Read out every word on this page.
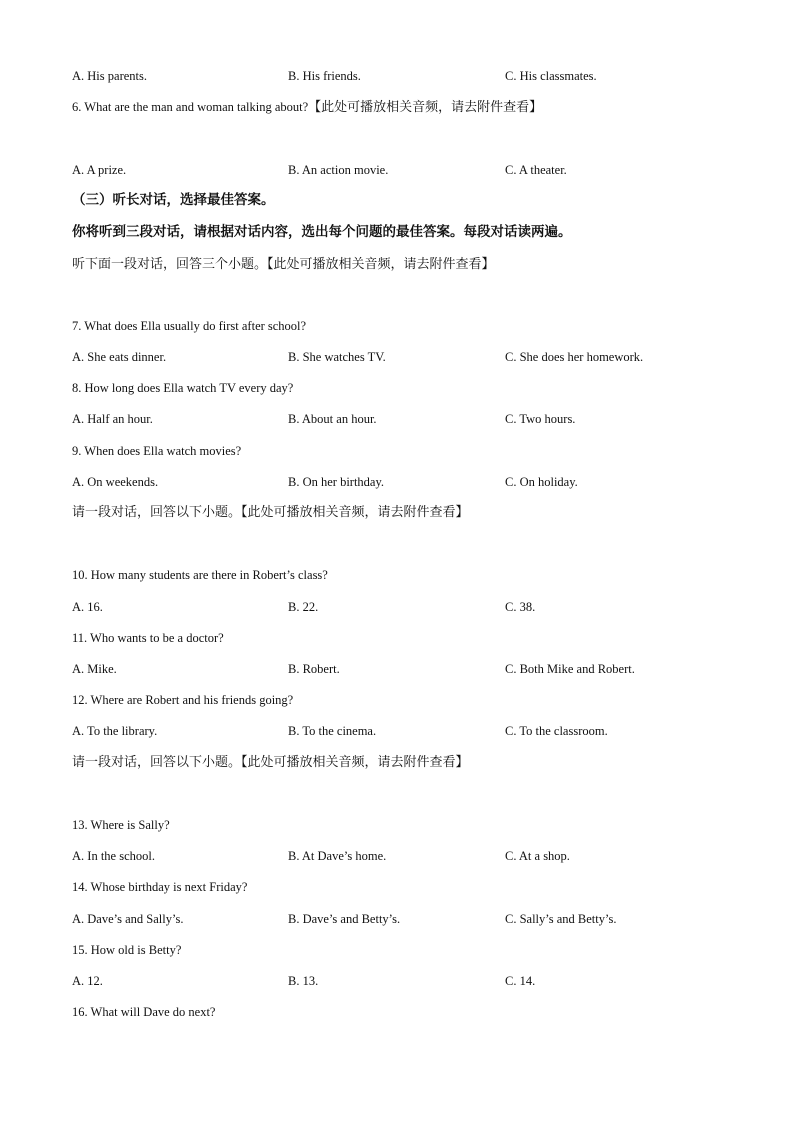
A. His parents.	B. His friends.	C. His classmates.
6. What are the man and woman talking about?【此处可播放相关音频，请去附件查看】
A. A prize.	B. An action movie.	C. A theater.
（三）听长对话，选择最佳答案。
你将听到三段对话，请根据对话内容，选出每个问题的最佳答案。每段对话读两遍。
听下面一段对话，回答三个小题。【此处可播放相关音频，请去附件查看】
7. What does Ella usually do first after school?
A. She eats dinner.	B. She watches TV.	C. She does her homework.
8. How long does Ella watch TV every day?
A. Half an hour.	B. About an hour.	C. Two hours.
9. When does Ella watch movies?
A. On weekends.	B. On her birthday.	C. On holiday.
请一段对话，回答以下小题。【此处可播放相关音频，请去附件查看】
10. How many students are there in Robert’s class?
A. 16.	B. 22.	C. 38.
11. Who wants to be a doctor?
A. Mike.	B. Robert.	C. Both Mike and Robert.
12. Where are Robert and his friends going?
A. To the library.	B. To the cinema.	C. To the classroom.
请一段对话，回答以下小题。【此处可播放相关音频，请去附件查看】
13. Where is Sally?
A. In the school.	B. At Dave’s home.	C. At a shop.
14. Whose birthday is next Friday?
A. Dave’s and Sally’s.	B. Dave’s and Betty’s.	C. Sally’s and Betty’s.
15. How old is Betty?
A. 12.	B. 13.	C. 14.
16. What will Dave do next?
